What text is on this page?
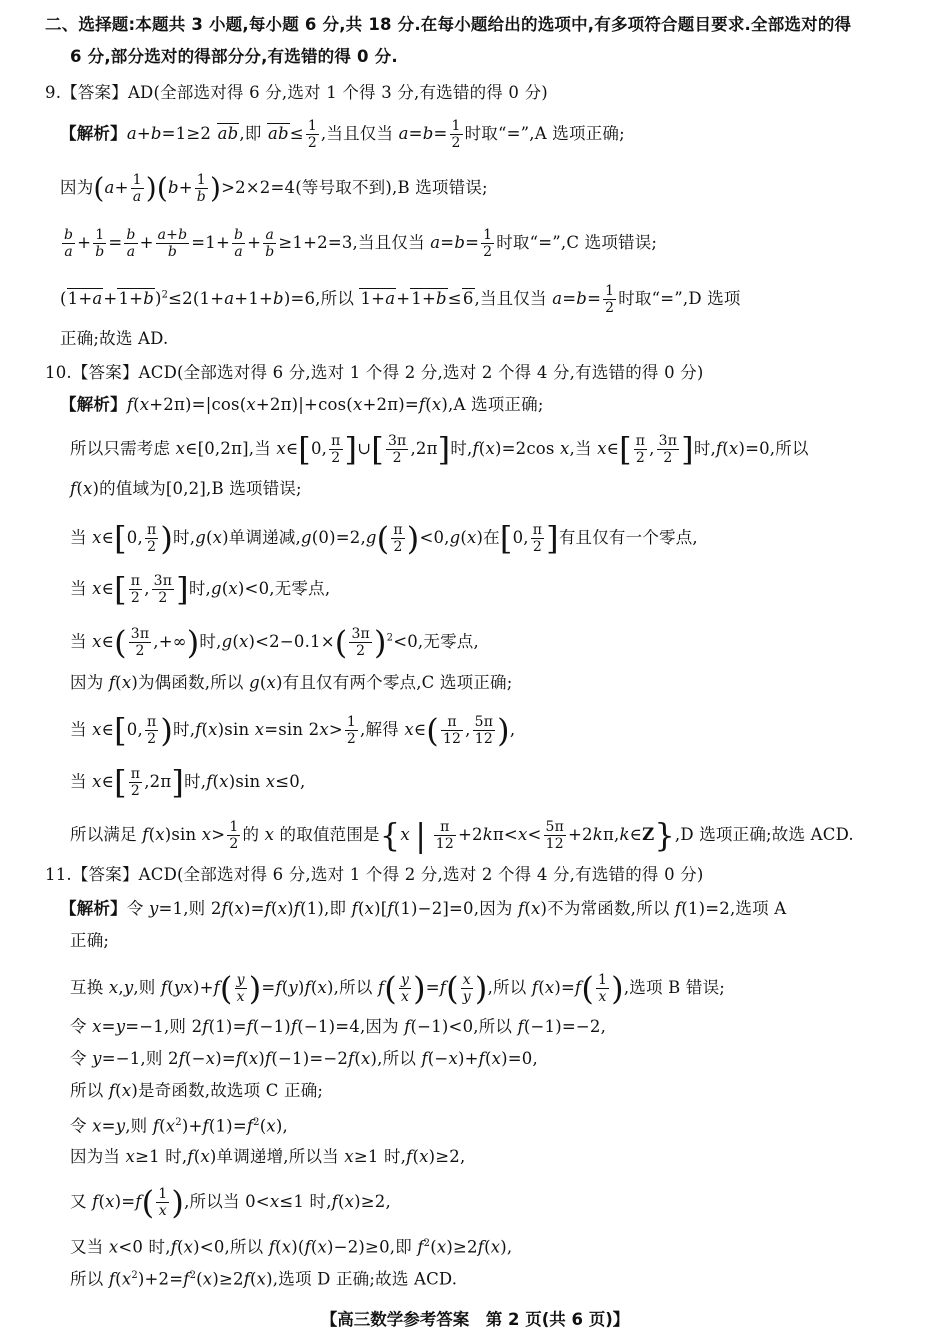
二、选择题:本题共 3 小题,每小题 6 分,共 18 分.在每小题给出的选项中,有多项符合题目要求.全部选对的得
6 分,部分选对的得部分分,有选错的得 0 分.
9.【答案】AD(全部选对得 6 分,选对 1 个得 3 分,有选错的得 0 分)
【解析】a+b=1≥2 ab,即 $ab\le \frac{1}{2}$ ,当且仅当 $a=b= \frac{1}{2}$ 时取“=”,A 选项正确;
因为$(a+ \frac{1}{a} )(b+ \frac{1}{b} )>2\times 2=4$(等号取不到),B 选项错误;
$\frac{b}{a} + \frac{1}{b} = \frac{b}{a} + \frac{a+b}{b} =1+ \frac{b}{a} + \frac{a}{b} \ge 1+2=3$,当且仅当 $a=b= \frac{1}{2}$ 时取“=”,C 选项错误;
$(1+a+1+b)^2\le 2(1+a+1+b)=6$,所以 1+a+1+b≤6,当且仅当 $a=b= \frac{1}{2}$ 时取“=”,D 选项
正确;故选 AD.
10.【答案】ACD(全部选对得 6 分,选对 1 个得 2 分,选对 2 个得 4 分,有选错的得 0 分)
【解析】f(x+2π)=|cos(x+2π)|+cos(x+2π)=f(x),A 选项正确;
所以只需考虑 x∈[0,2π],当 x∈[0, $\frac{\pi}{2}$ ]∪[ $\frac{3\pi}{2} ,2\pi$]时,f(x)=2cos x,当 x∈[ $\frac{\pi}{2}$ , $\frac{3\pi}{2}$ ]时,f(x)=0,所以
f(x)的值域为[0,2],B 选项错误;
当 x∈[0, $\frac{\pi}{2}$ )时,g(x)单调递减$,g(0)=2,g( \frac{\pi}{2} )<0,g(x)$在[0, $\frac{\pi}{2}$ ]有且仅有一个零点,
当 x∈[ $\frac{\pi}{2}$ , $\frac{3\pi}{2}$ ]时,g(x)<0,无零点,
当 x∈( $\frac{3\pi}{2}$ ,+∞)时$,g(x)<2-0.1\times( \frac{3\pi}{2} )^2<0$,无零点,
因为 f(x)为偶函数,所以 g(x)有且仅有两个零点,C 选项正确;
当 x∈[0, $\frac{\pi}{2}$ )时,f(x)sin x=sin $2x> \frac{1}{2}$ ,解得 x∈( $\frac{\pi}{12}$ , $\frac{5\pi}{12}$ ),
当 x∈[ $\frac{\pi}{2} ,2\pi$]时,f(x)sin x≤0,
所以满足 f(x)sin $x> \frac{1}{2}$ 的 x 的取值范围是{x | $\frac{\pi}{12} +2k\pi<x< \frac{5\pi}{12}$ +2kπ,k∈Z},D 选项正确;故选 ACD.
11.【答案】ACD(全部选对得 6 分,选对 1 个得 2 分,选对 2 个得 4 分,有选错的得 0 分)
【解析】令 y=1,则 2f(x)=f(x)f(1),即 f(x)[f(1)−2]=0,因为 f(x)不为常函数,所以 f(1)=2,选项 A
正确;
互换 x,y,则 $f(yx)+f( \frac{y}{x} )=f(y)f(x)$,所以 $f( \frac{y}{x} )=f( \frac{x}{y}$ ),所以 $f(x)=f( \frac{1}{x}$ ),选项 B 错误;
令 x=y=−1,则 2f(1)=f(−1)f(−1)=4,因为 f(−1)<0,所以 f(−1)=−2,
令 y=−1,则 2f(−x)=f(x)f(−1)=−2f(x),所以 f(−x)+f(x)=0,
所以 f(x)是奇函数,故选项 C 正确;
令 x=y,则 $f(x^2)+f(1)=f^2(x)$,
因为当 x≥1 时,f(x)单调递增,所以当 x≥1 时,f(x)≥2,
又 $f(x)=f( \frac{1}{x}$ ),所以当 0<x≤1 时,f(x)≥2,
又当 x<0 时,f(x)<0,所以 f(x)(f(x)−2)≥0,即 $f^2(x)\ge 2f(x)$,
所以 $f(x^2)+2=f^2(x)\ge 2f(x)$,选项 D 正确;故选 ACD.
【高三数学参考答案　第 2 页(共 6 页)】
